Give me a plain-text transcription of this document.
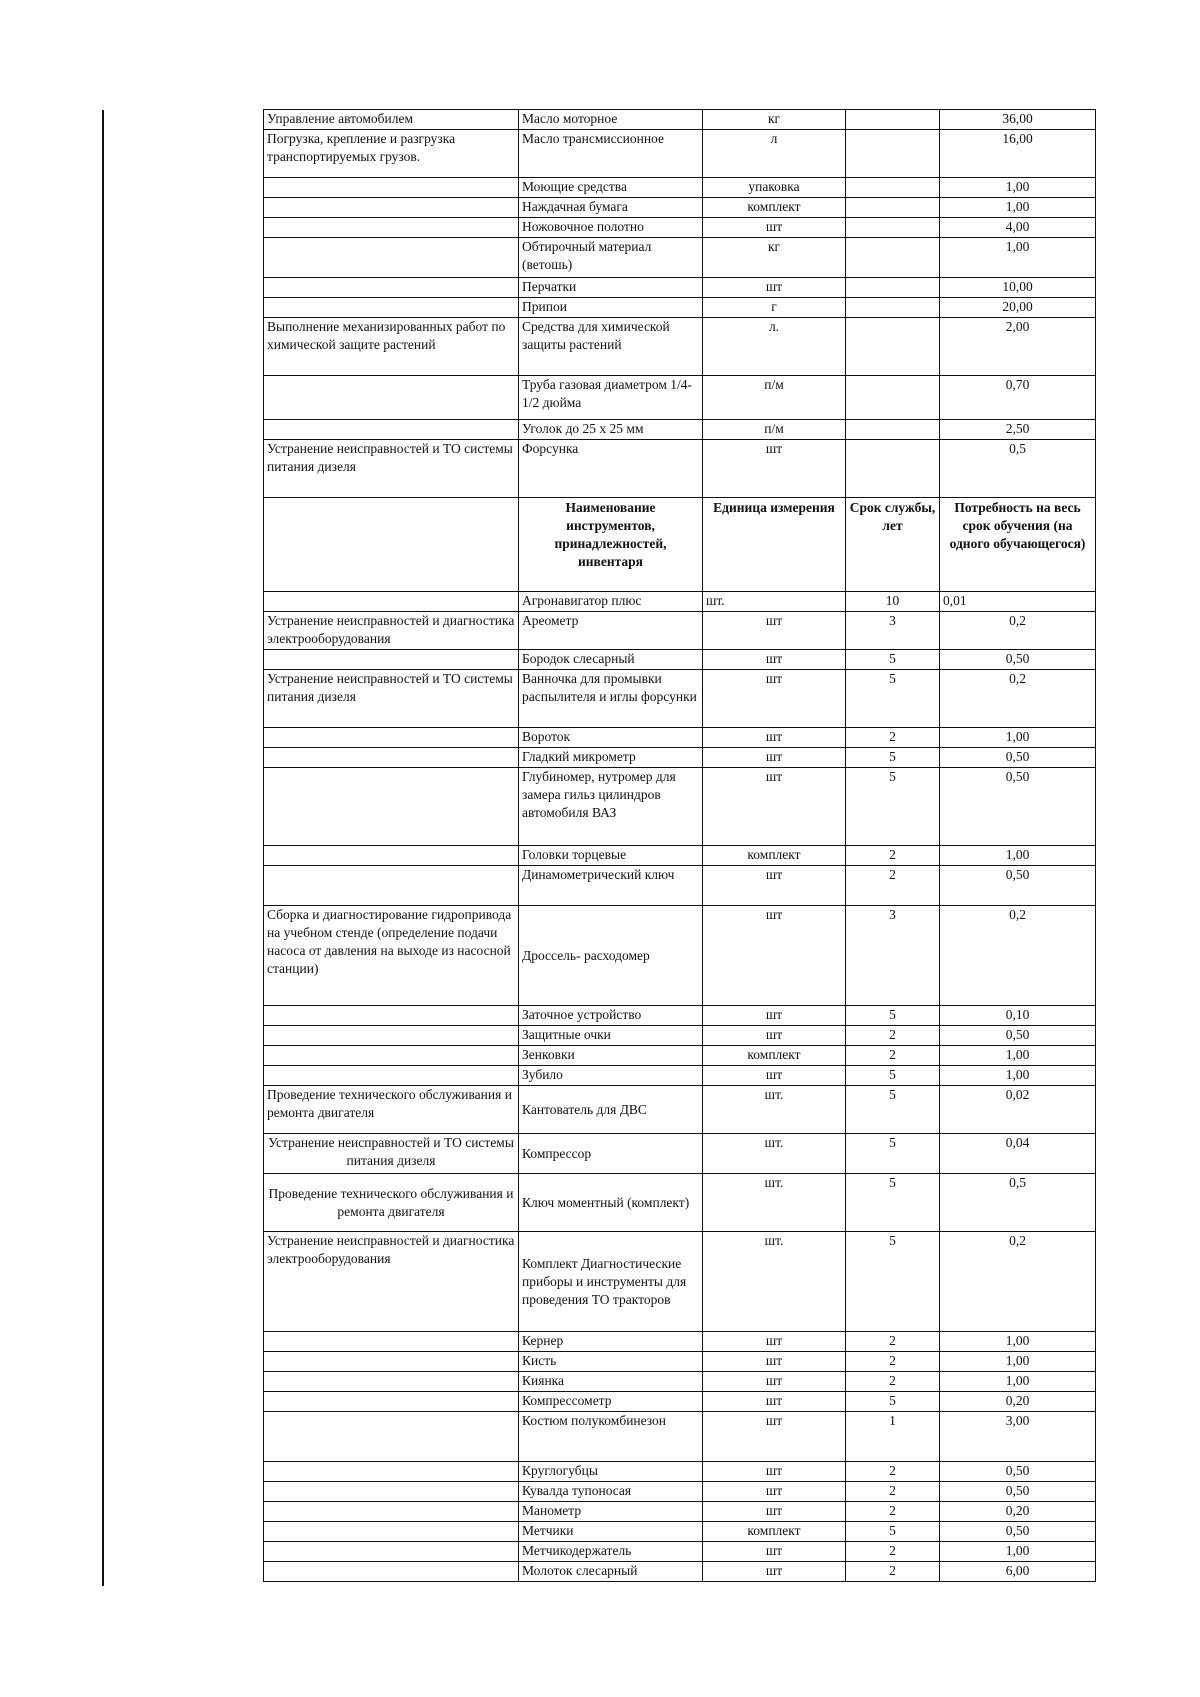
Управление автомобилем	Масло моторное	кг		36,00
Погрузка, крепление и разгрузка транспортируемых грузов.	Масло трансмиссионное	л		16,00
	Моющие средства	упаковка		1,00
	Наждачная бумага	комплект		1,00
	Ножовочное полотно	шт		4,00
	Обтирочный материал (ветошь)	кг		1,00
	Перчатки	шт		10,00
	Припои	г		20,00
Выполнение механизированных работ по химической защите растений	Средства для химической защиты растений	л.		2,00
	Труба газовая диаметром 1/4-1/2 дюйма	п/м		0,70
	Уголок до 25 х 25 мм	п/м		2,50
Устранение неисправностей и ТО системы питания дизеля	Форсунка	шт		0,5
	Наименование инструментов, принадлежностей, инвентаря	Единица измерения	Срок службы, лет	Потребность на весь срок обучения (на одного обучающегося)
	Агронавигатор плюс	шт.	10	0,01
Устранение неисправностей и диагностика электрооборудования	Ареометр	шт	3	0,2
	Бородок слесарный	шт	5	0,50
Устранение неисправностей и ТО системы питания дизеля	Ванночка для промывки распылителя и иглы форсунки	шт	5	0,2
	Вороток	шт	2	1,00
	Гладкий микрометр	шт	5	0,50
	Глубиномер, нутромер для замера гильз цилиндров автомобиля ВАЗ	шт	5	0,50
	Головки торцевые	комплект	2	1,00
	Динамометрический ключ	шт	2	0,50
Сборка и диагностирование гидропривода на учебном стенде (определение подачи насоса от давления на выходе из насосной станции)	Дроссель- расходомер	шт	3	0,2
	Заточное устройство	шт	5	0,10
	Защитные очки	шт	2	0,50
	Зенковки	комплект	2	1,00
	Зубило	шт	5	1,00
Проведение технического обслуживания и ремонта двигателя	Кантователь для ДВС	шт.	5	0,02
Устранение неисправностей и ТО системы питания дизеля	Компрессор	шт.	5	0,04
Проведение технического обслуживания и ремонта двигателя	Ключ моментный (комплект)	шт.	5	0,5
Устранение неисправностей и диагностика электрооборудования	Комплект Диагностические приборы и инструменты для проведения ТО тракторов	шт.	5	0,2
	Кернер	шт	2	1,00
	Кисть	шт	2	1,00
	Киянка	шт	2	1,00
	Компрессометр	шт	5	0,20
	Костюм полукомбинезон	шт	1	3,00
	Круглогубцы	шт	2	0,50
	Кувалда тупоносая	шт	2	0,50
	Манометр	шт	2	0,20
	Метчики	комплект	5	0,50
	Метчикодержатель	шт	2	1,00
	Молоток слесарный	шт	2	6,00
